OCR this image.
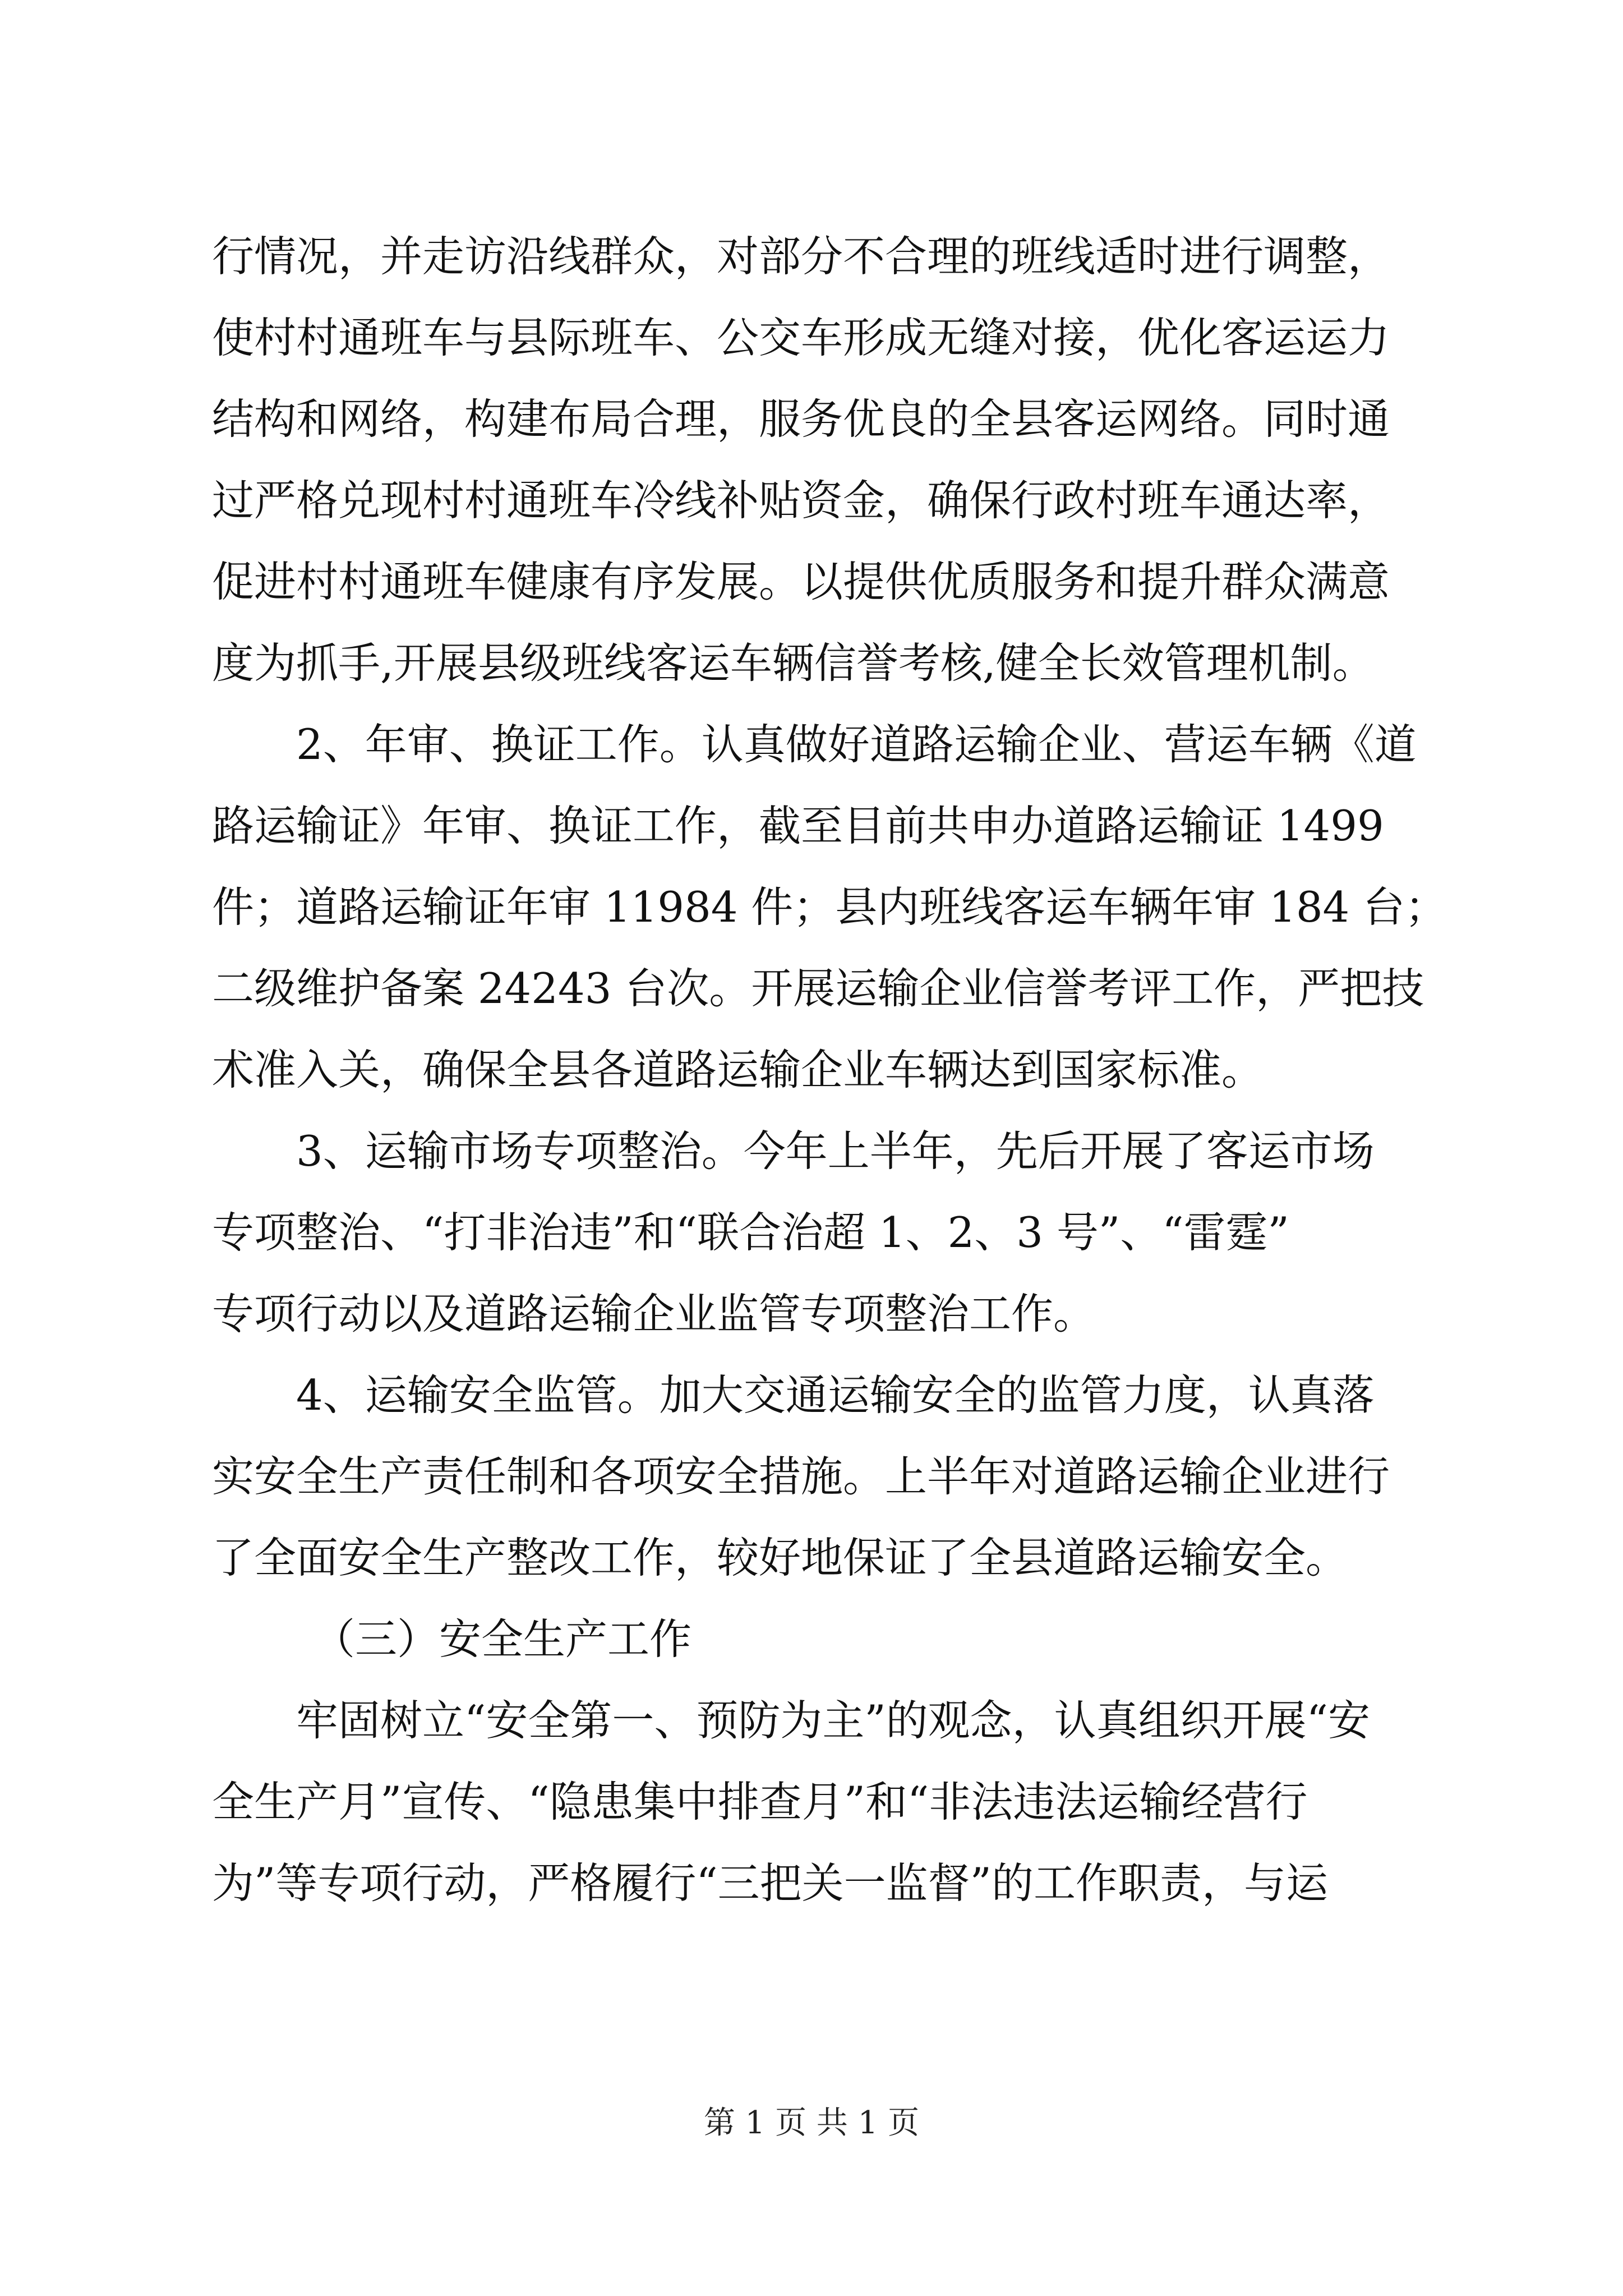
行情况，并走访沿线群众，对部分不合理的班线适时进行调整，
使村村通班车与县际班车、公交车形成无缝对接，优化客运运力
结构和网络，构建布局合理，服务优良的全县客运网络。同时通
过严格兑现村村通班车冷线补贴资金，确保行政村班车通达率，
促进村村通班车健康有序发展。以提供优质服务和提升群众满意
度为抓手,开展县级班线客运车辆信誉考核,健全长效管理机制。
2、年审、换证工作。认真做好道路运输企业、营运车辆《道
路运输证》年审、换证工作，截至目前共申办道路运输证 1499
件；道路运输证年审 11984 件；县内班线客运车辆年审 184 台；
二级维护备案 24243 台次。开展运输企业信誉考评工作，严把技
术准入关，确保全县各道路运输企业车辆达到国家标准。
3、运输市场专项整治。今年上半年，先后开展了客运市场
专项整治、“打非治违”和“联合治超 1、2、3 号”、“雷霆”
专项行动以及道路运输企业监管专项整治工作。
4、运输安全监管。加大交通运输安全的监管力度，认真落
实安全生产责任制和各项安全措施。上半年对道路运输企业进行
了全面安全生产整改工作，较好地保证了全县道路运输安全。
（三）安全生产工作
牢固树立“安全第一、预防为主”的观念，认真组织开展“安
全生产月”宣传、“隐患集中排查月”和“非法违法运输经营行
为”等专项行动，严格履行“三把关一监督”的工作职责，与运
第 1 页 共 1 页
